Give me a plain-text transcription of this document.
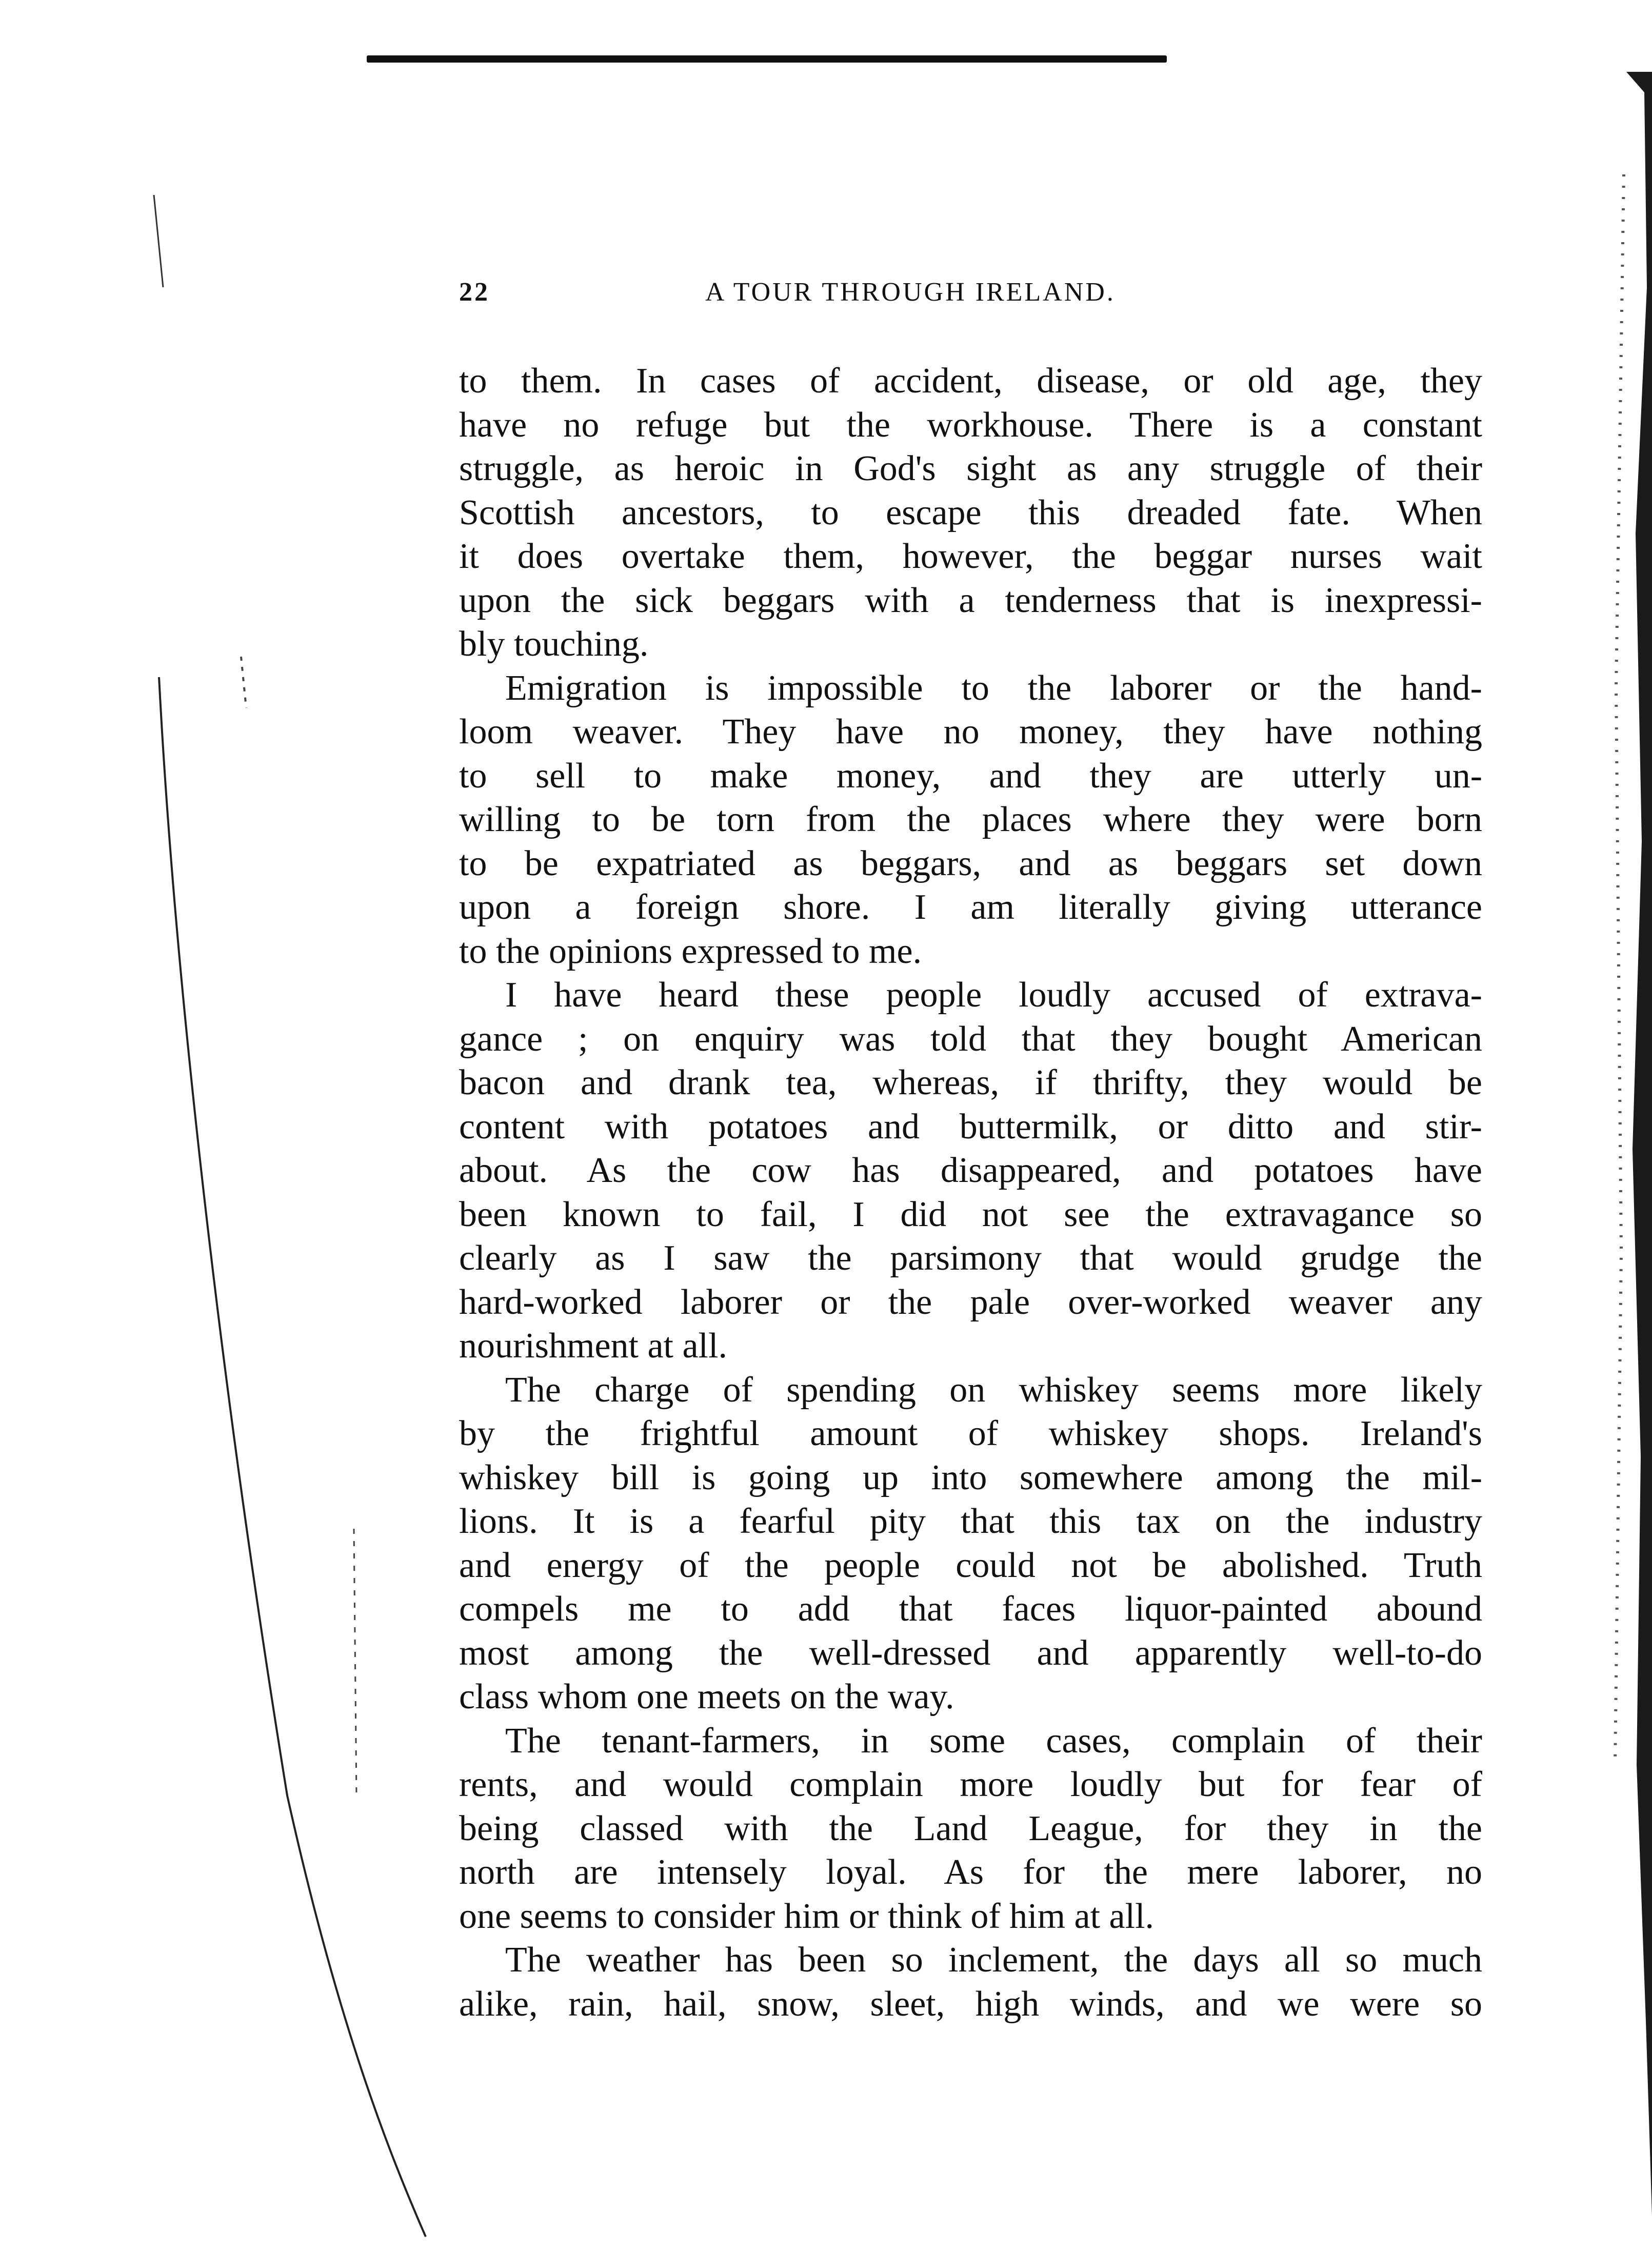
22	A TOUR THROUGH IRELAND.
to them. In cases of accident, disease, or old age, they
have no refuge but the workhouse. There is a constant
struggle, as heroic in God's sight as any struggle of their
Scottish ancestors, to escape this dreaded fate. When
it does overtake them, however, the beggar nurses wait
upon the sick beggars with a tenderness that is inexpressi-
bly touching.
Emigration is impossible to the laborer or the hand-
loom weaver. They have no money, they have nothing
to sell to make money, and they are utterly un-
willing to be torn from the places where they were born
to be expatriated as beggars, and as beggars set down
upon a foreign shore. I am literally giving utterance
to the opinions expressed to me.
I have heard these people loudly accused of extrava-
gance ; on enquiry was told that they bought American
bacon and drank tea, whereas, if thrifty, they would be
content with potatoes and buttermilk, or ditto and stir-
about. As the cow has disappeared, and potatoes have
been known to fail, I did not see the extravagance so
clearly as I saw the parsimony that would grudge the
hard-worked laborer or the pale over-worked weaver any
nourishment at all.
The charge of spending on whiskey seems more likely
by the frightful amount of whiskey shops. Ireland's
whiskey bill is going up into somewhere among the mil-
lions. It is a fearful pity that this tax on the industry
and energy of the people could not be abolished. Truth
compels me to add that faces liquor-painted abound
most among the well-dressed and apparently well-to-do
class whom one meets on the way.
The tenant-farmers, in some cases, complain of their
rents, and would complain more loudly but for fear of
being classed with the Land League, for they in the
north are intensely loyal. As for the mere laborer, no
one seems to consider him or think of him at all.
The weather has been so inclement, the days all so much
alike, rain, hail, snow, sleet, high winds, and we were so
